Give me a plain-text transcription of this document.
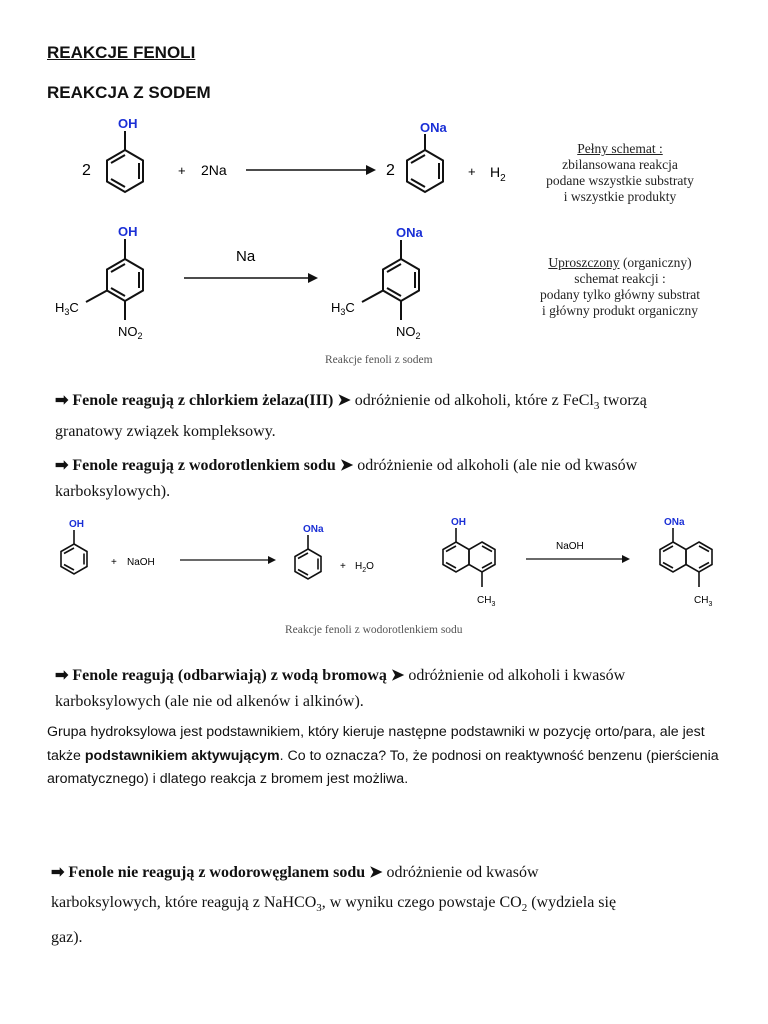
REAKCJE FENOLI
REAKCJA Z SODEM
OH
2	+ 2Na	2
ONa
+ $H_2$
OH
$H_3C$
$NO_2$
Na
ONa
$H_3C$
$NO_2$
Pełny schemat :
zbilansowana reakcja
podane wszystkie substraty
i wszystkie produkty
Uproszczony (organiczny)
schemat reakcji :
podany tylko główny substrat
i główny produkt organiczny
Reakcje fenoli z sodem
➡ Fenole reagują z chlorkiem żelaza(III) ➤ odróżnienie od alkoholi, które z FeCl$_3$ tworzą
granatowy związek kompleksowy.
➡ Fenole reagują z wodorotlenkiem sodu ➤ odróżnienie od alkoholi (ale nie od kwasów
karboksylowych).
OH
+ NaOH
ONa
+ $H_2O$
OH
$CH_3$
NaOH
ONa
$CH_3$
Reakcje fenoli z wodorotlenkiem sodu
➡ Fenole reagują (odbarwiają) z wodą bromową ➤ odróżnienie od alkoholi i kwasów
karboksylowych (ale nie od alkenów i alkinów).
Grupa hydroksylowa jest podstawnikiem, który kieruje następne podstawniki w pozycję orto/para, ale jest także podstawnikiem aktywującym. Co to oznacza? To, że podnosi on reaktywność benzenu (pierścienia aromatycznego) i dlatego reakcja z bromem jest możliwa.
➡ Fenole nie reagują z wodorowęglanem sodu ➤ odróżnienie od kwasów
karboksylowych, które reagują z NaHCO$_3$, w wyniku czego powstaje $CO_2$ (wydziela się
gaz).
